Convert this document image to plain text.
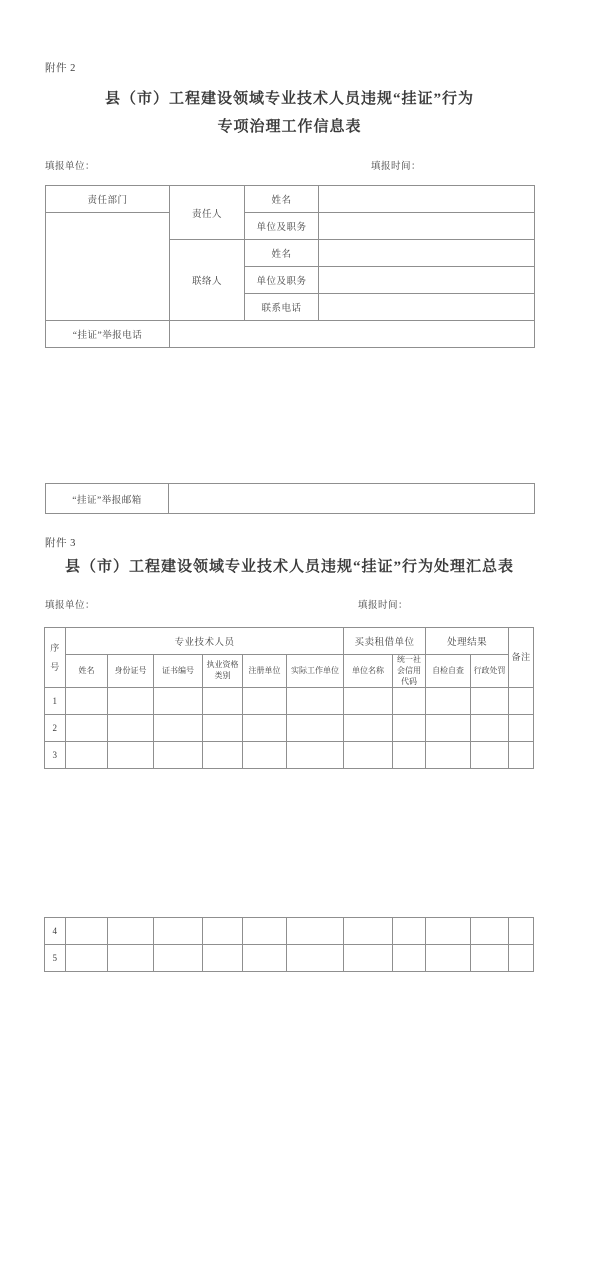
附件 2
县（市）工程建设领域专业技术人员违规“挂证”行为
专项治理工作信息表
填报单位：	填报时间：
责任部门	责任人	姓名	
		单位及职务	
	联络人	姓名	
		单位及职务	
		联系电话	
“挂证”举报电话			
“挂证”举报邮箱	
附件 3
县（市）工程建设领域专业技术人员违规“挂证”行为处理汇总表
填报单位：	填报时间：
序号	专业技术人员						买卖租借单位		处理结果		备注
	姓名	身份证号	证书编号	执业资格类别	注册单位	实际工作单位	单位名称	统一社会信用代码	自检自查	行政处罚	
1											
2											
3											
4											
5											
